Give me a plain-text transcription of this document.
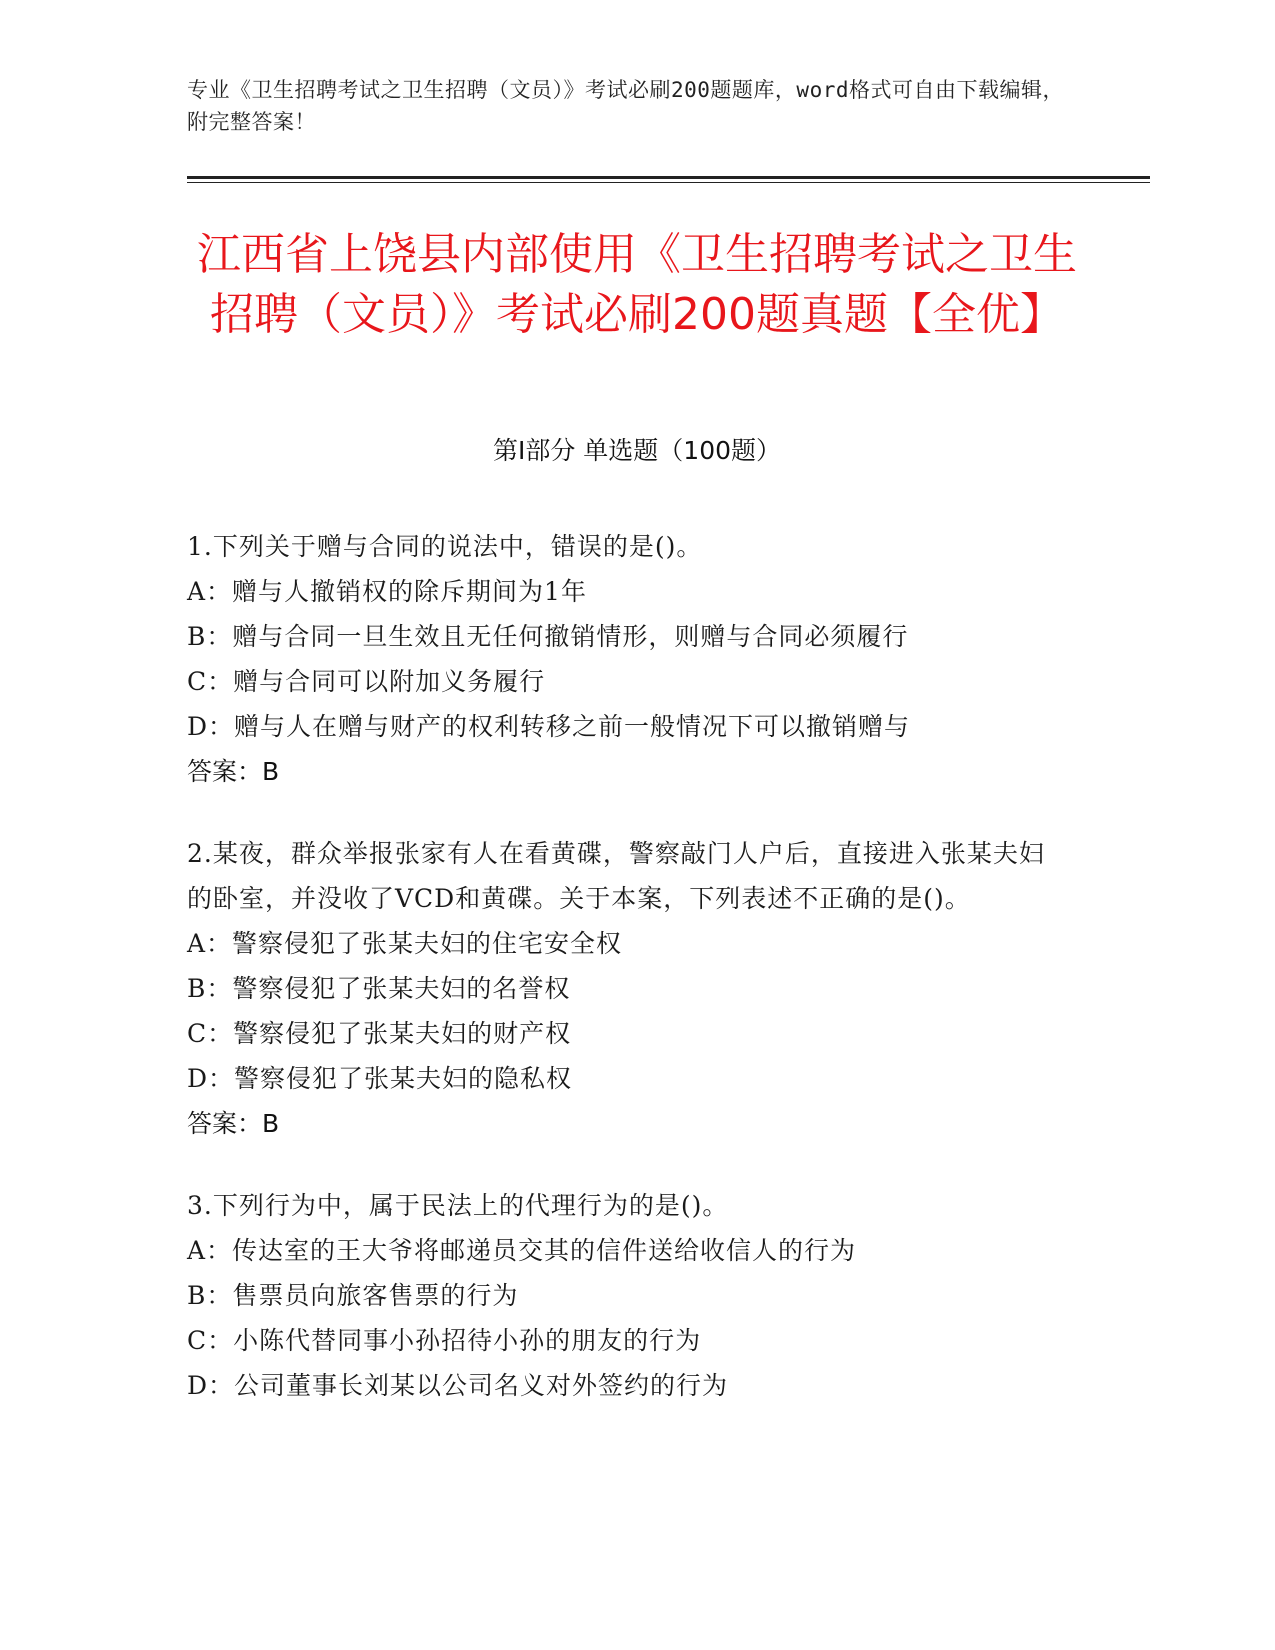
专业《卫生招聘考试之卫生招聘（文员）》考试必刷200题题库，word格式可自由下载编辑，附完整答案！
江西省上饶县内部使用《卫生招聘考试之卫生招聘（文员）》考试必刷200题真题【全优】
第I部分 单选题（100题）

1.下列关于赠与合同的说法中，错误的是()。

A：赠与人撤销权的除斥期间为1年

B：赠与合同一旦生效且无任何撤销情形，则赠与合同必须履行

C：赠与合同可以附加义务履行

D：赠与人在赠与财产的权利转移之前一般情况下可以撤销赠与

答案：B

2.某夜，群众举报张家有人在看黄碟，警察敲门人户后，直接进入张某夫妇的卧室，并没收了VCD和黄碟。关于本案，下列表述不正确的是()。

A：警察侵犯了张某夫妇的住宅安全权

B：警察侵犯了张某夫妇的名誉权

C：警察侵犯了张某夫妇的财产权

D：警察侵犯了张某夫妇的隐私权

答案：B

3.下列行为中，属于民法上的代理行为的是()。

A：传达室的王大爷将邮递员交其的信件送给收信人的行为

B：售票员向旅客售票的行为

C：小陈代替同事小孙招待小孙的朋友的行为

D：公司董事长刘某以公司名义对外签约的行为
